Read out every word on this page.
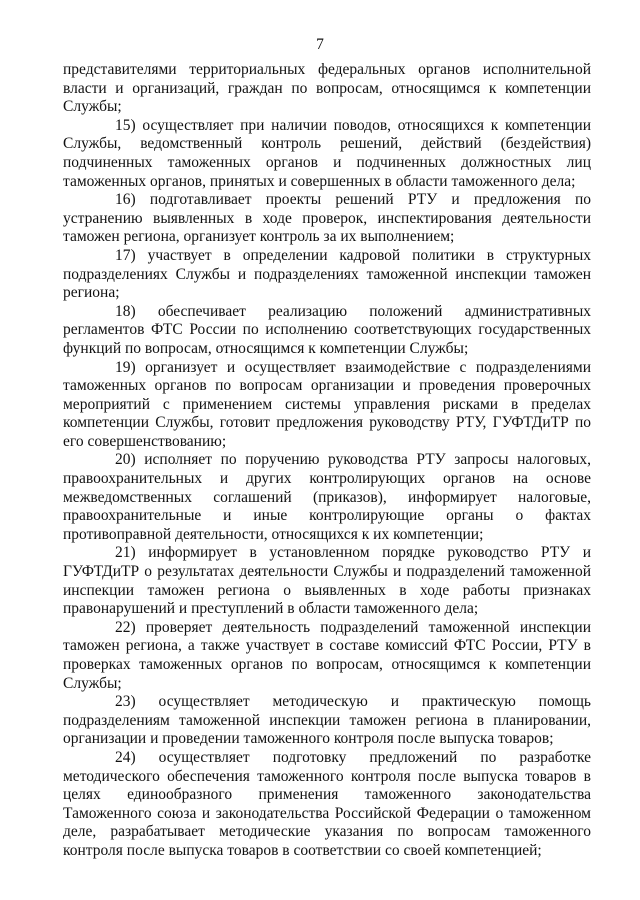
7

представителями территориальных федеральных органов исполнительной власти и организаций, граждан по вопросам, относящимся к компетенции Службы;

15) осуществляет при наличии поводов, относящихся к компетенции Службы, ведомственный контроль решений, действий (бездействия) подчиненных таможенных органов и подчиненных должностных лиц таможенных органов, принятых и совершенных в области таможенного дела;

16) подготавливает проекты решений РТУ и предложения по устранению выявленных в ходе проверок, инспектирования деятельности таможен региона, организует контроль за их выполнением;

17) участвует в определении кадровой политики в структурных подразделениях Службы и подразделениях таможенной инспекции таможен региона;

18) обеспечивает реализацию положений административных регламентов ФТС России по исполнению соответствующих государственных функций по вопросам, относящимся к компетенции Службы;

19) организует и осуществляет взаимодействие с подразделениями таможенных органов по вопросам организации и проведения проверочных мероприятий с применением системы управления рисками в пределах компетенции Службы, готовит предложения руководству РТУ, ГУФТДиТР по его совершенствованию;

20) исполняет по поручению руководства РТУ запросы налоговых, правоохранительных и других контролирующих органов на основе межведомственных соглашений (приказов), информирует налоговые, правоохранительные и иные контролирующие органы о фактах противоправной деятельности, относящихся к их компетенции;

21) информирует в установленном порядке руководство РТУ и ГУФТДиТР о результатах деятельности Службы и подразделений таможенной инспекции таможен региона о выявленных в ходе работы признаках правонарушений и преступлений в области таможенного дела;

22) проверяет деятельность подразделений таможенной инспекции таможен региона, а также участвует в составе комиссий ФТС России, РТУ в проверках таможенных органов по вопросам, относящимся к компетенции Службы;

23) осуществляет методическую и практическую помощь подразделениям таможенной инспекции таможен региона в планировании, организации и проведении таможенного контроля после выпуска товаров;

24) осуществляет подготовку предложений по разработке методического обеспечения таможенного контроля после выпуска товаров в целях единообразного применения таможенного законодательства Таможенного союза и законодательства Российской Федерации о таможенном деле, разрабатывает методические указания по вопросам таможенного контроля после выпуска товаров в соответствии со своей компетенцией;
